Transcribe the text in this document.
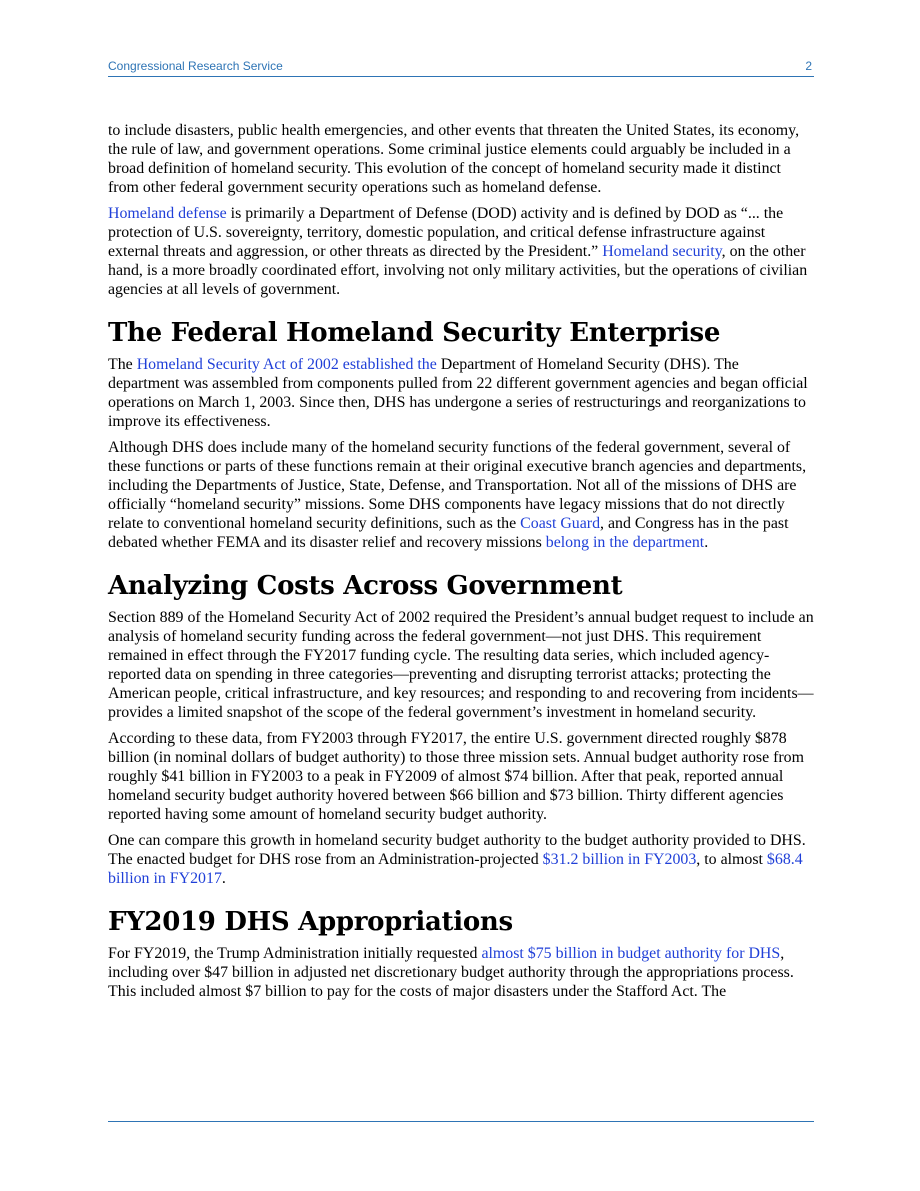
Congressional Research Service	2

to include disasters, public health emergencies, and other events that threaten the United States, its economy, the rule of law, and government operations. Some criminal justice elements could arguably be included in a broad definition of homeland security. This evolution of the concept of homeland security made it distinct from other federal government security operations such as homeland defense.

Homeland defense is primarily a Department of Defense (DOD) activity and is defined by DOD as “... the protection of U.S. sovereignty, territory, domestic population, and critical defense infrastructure against external threats and aggression, or other threats as directed by the President.” Homeland security, on the other hand, is a more broadly coordinated effort, involving not only military activities, but the operations of civilian agencies at all levels of government.

The Federal Homeland Security Enterprise

The Homeland Security Act of 2002 established the Department of Homeland Security (DHS). The department was assembled from components pulled from 22 different government agencies and began official operations on March 1, 2003. Since then, DHS has undergone a series of restructurings and reorganizations to improve its effectiveness.

Although DHS does include many of the homeland security functions of the federal government, several of these functions or parts of these functions remain at their original executive branch agencies and departments, including the Departments of Justice, State, Defense, and Transportation. Not all of the missions of DHS are officially “homeland security” missions. Some DHS components have legacy missions that do not directly relate to conventional homeland security definitions, such as the Coast Guard, and Congress has in the past debated whether FEMA and its disaster relief and recovery missions belong in the department.

Analyzing Costs Across Government

Section 889 of the Homeland Security Act of 2002 required the President’s annual budget request to include an analysis of homeland security funding across the federal government—not just DHS. This requirement remained in effect through the FY2017 funding cycle. The resulting data series, which included agency-reported data on spending in three categories—preventing and disrupting terrorist attacks; protecting the American people, critical infrastructure, and key resources; and responding to and recovering from incidents—provides a limited snapshot of the scope of the federal government’s investment in homeland security.

According to these data, from FY2003 through FY2017, the entire U.S. government directed roughly $878 billion (in nominal dollars of budget authority) to those three mission sets. Annual budget authority rose from roughly $41 billion in FY2003 to a peak in FY2009 of almost $74 billion. After that peak, reported annual homeland security budget authority hovered between $66 billion and $73 billion. Thirty different agencies reported having some amount of homeland security budget authority.

One can compare this growth in homeland security budget authority to the budget authority provided to DHS. The enacted budget for DHS rose from an Administration-projected $31.2 billion in FY2003, to almost $68.4 billion in FY2017.

FY2019 DHS Appropriations

For FY2019, the Trump Administration initially requested almost $75 billion in budget authority for DHS, including over $47 billion in adjusted net discretionary budget authority through the appropriations process. This included almost $7 billion to pay for the costs of major disasters under the Stafford Act. The
